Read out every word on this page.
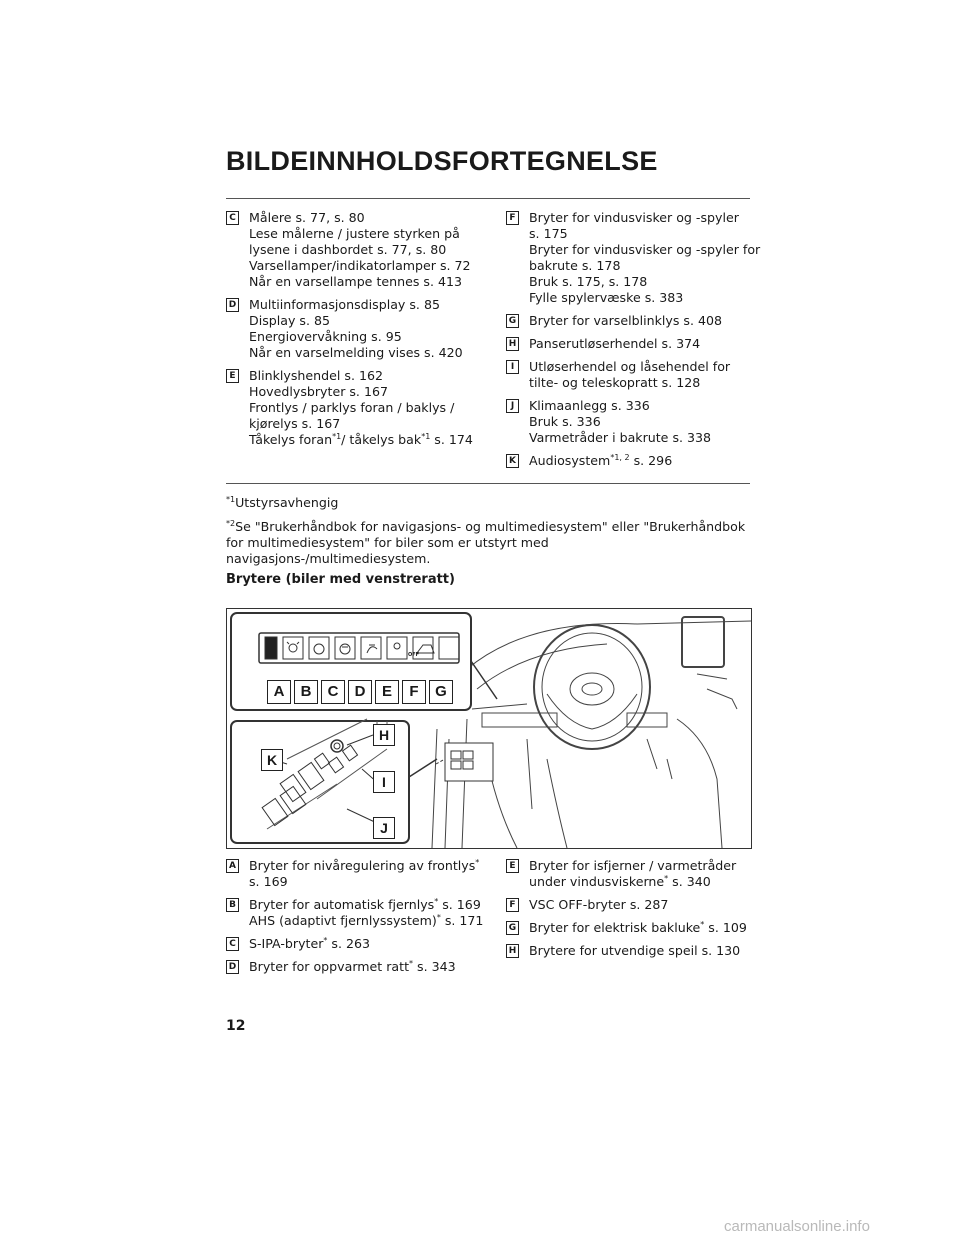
BILDEINNHOLDSFORTEGNELSE
C Målere s. 77, s. 80
Lese målerne / justere styrken på
lysene i dashbordet s. 77, s. 80
Varsellamper/indikatorlamper s. 72
Når en varsellampe tennes s. 413
D Multiinformasjonsdisplay s. 85
Display s. 85
Energiovervåkning s. 95
Når en varselmelding vises s. 420
E Blinklyshendel s. 162
Hovedlysbryter s. 167
Frontlys / parklys foran / baklys /
kjørelys s. 167
Tåkelys foran$^{*1}$/ tåkelys bak$^{*1}$ s. 174
F Bryter for vindusvisker og -spyler
s. 175
Bryter for vindusvisker og -spyler for
bakrute s. 178
Bruk s. 175, s. 178
Fylle spylervæske s. 383
G Bryter for varselblinklys s. 408
H Panserutløserhendel s. 374
I	Utløserhendel og låsehendel for
tilte- og teleskopratt s. 128
J	Klimaanlegg s. 336
Bruk s. 336
Varmetråder i bakrute s. 338
K Audiosystem$^{*1, 2}$ s. 296
$^{*1}$Utstyrsavhengig
$^{*2}$Se "Brukerhåndbok for navigasjons- og multimediesystem" eller "Brukerhåndbok for multimediesystem" for biler som er utstyrt med navigasjons-/multimediesystem.
Brytere (biler med venstreratt)
A	B	C	D	E	F	G
OFF
H
K
I
J
A Bryter for nivåregulering av frontlys*
s. 169
B Bryter for automatisk fjernlys* s. 169
AHS (adaptivt fjernlyssystem)* s. 171
C S-IPA-bryter* s. 263
D Bryter for oppvarmet ratt* s. 343
E Bryter for isfjerner / varmetråder
under vindusviskerne* s. 340
F VSC OFF-bryter s. 287
G Bryter for elektrisk bakluke* s. 109
H Brytere for utvendige speil s. 130
12
carmanualsonline.info
